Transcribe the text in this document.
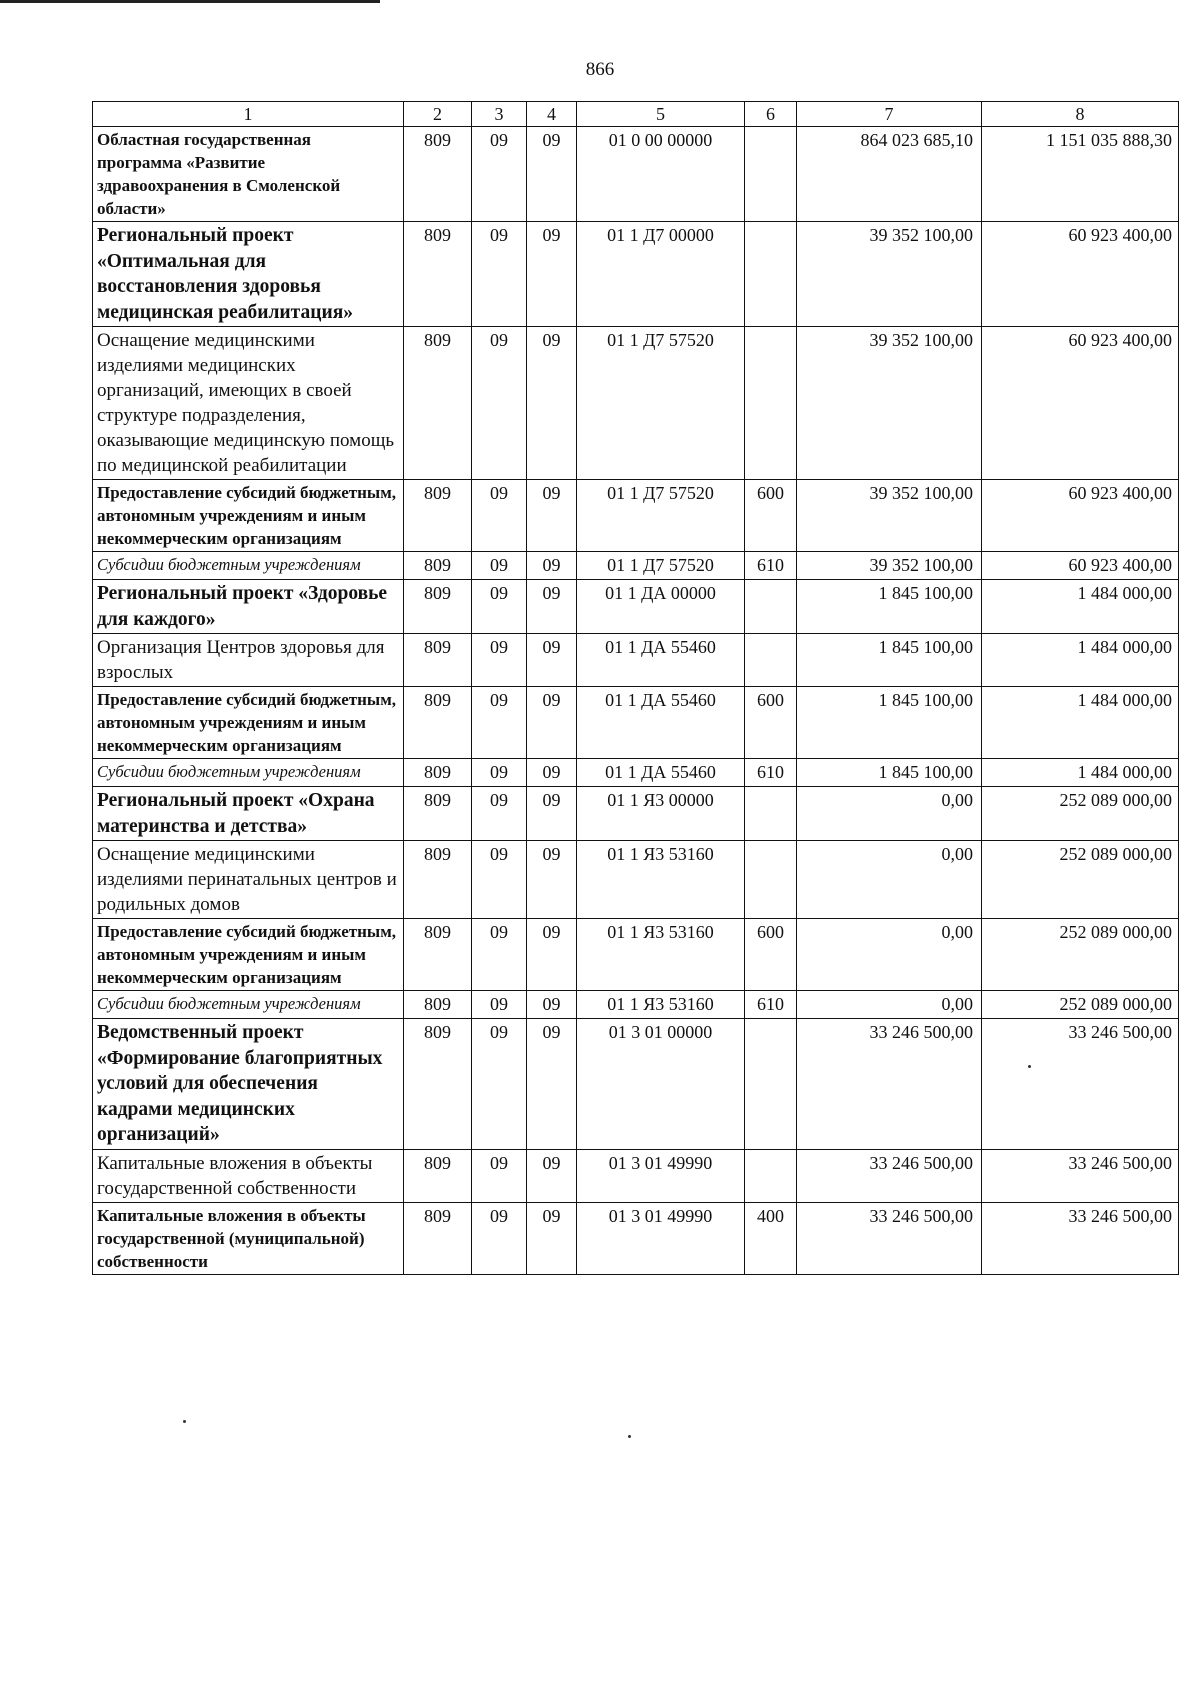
866
1	2	3	4	5	6	7	8
Областная государственная программа «Развитие здравоохранения в Смоленской области»	809	09	09	01 0 00 00000		864 023 685,10	1 151 035 888,30
Региональный проект «Оптимальная для восстановления здоровья медицинская реабилитация»	809	09	09	01 1 Д7 00000		39 352 100,00	60 923 400,00
Оснащение медицинскими изделиями медицинских организаций, имеющих в своей структуре подразделения, оказывающие медицинскую помощь по медицинской реабилитации	809	09	09	01 1 Д7 57520		39 352 100,00	60 923 400,00
Предоставление субсидий бюджетным, автономным учреждениям и иным некоммерческим организациям	809	09	09	01 1 Д7 57520	600	39 352 100,00	60 923 400,00
Субсидии бюджетным учреждениям	809	09	09	01 1 Д7 57520	610	39 352 100,00	60 923 400,00
Региональный проект «Здоровье для каждого»	809	09	09	01 1 ДА 00000		1 845 100,00	1 484 000,00
Организация Центров здоровья для взрослых	809	09	09	01 1 ДА 55460		1 845 100,00	1 484 000,00
Предоставление субсидий бюджетным, автономным учреждениям и иным некоммерческим организациям	809	09	09	01 1 ДА 55460	600	1 845 100,00	1 484 000,00
Субсидии бюджетным учреждениям	809	09	09	01 1 ДА 55460	610	1 845 100,00	1 484 000,00
Региональный проект «Охрана материнства и детства»	809	09	09	01 1 Я3 00000		0,00	252 089 000,00
Оснащение медицинскими изделиями перинатальных центров и родильных домов	809	09	09	01 1 Я3 53160		0,00	252 089 000,00
Предоставление субсидий бюджетным, автономным учреждениям и иным некоммерческим организациям	809	09	09	01 1 Я3 53160	600	0,00	252 089 000,00
Субсидии бюджетным учреждениям	809	09	09	01 1 Я3 53160	610	0,00	252 089 000,00
Ведомственный проект «Формирование благоприятных условий для обеспечения кадрами медицинских организаций»	809	09	09	01 3 01 00000		33 246 500,00	33 246 500,00
Капитальные вложения в объекты государственной собственности	809	09	09	01 3 01 49990		33 246 500,00	33 246 500,00
Капитальные вложения в объекты государственной (муниципальной) собственности	809	09	09	01 3 01 49990	400	33 246 500,00	33 246 500,00
